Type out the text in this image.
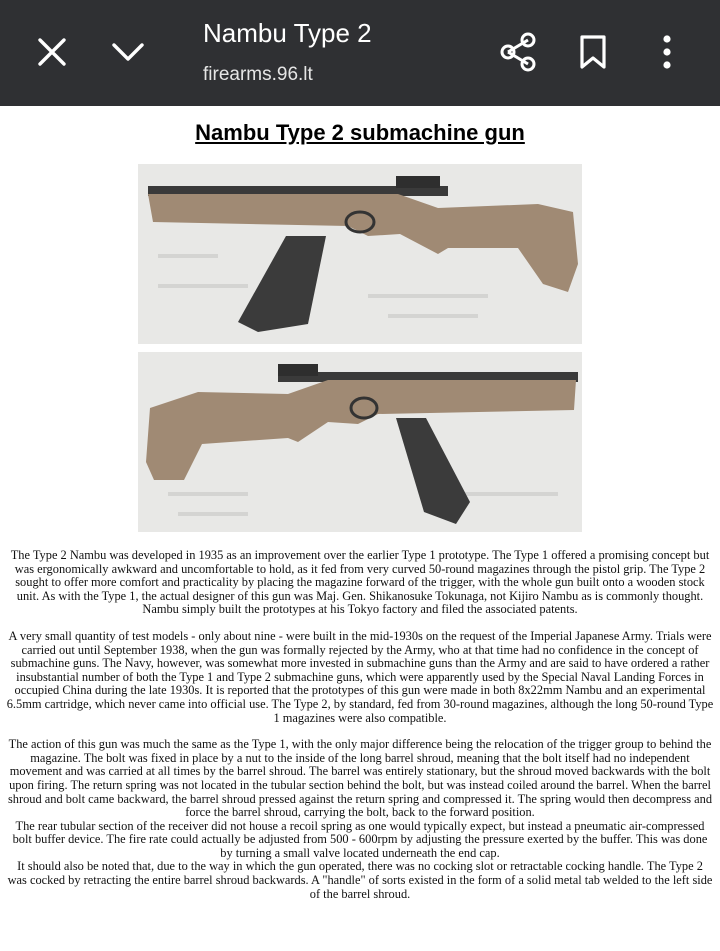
Nambu Type 2
firearms.96.lt
Nambu Type 2 submachine gun

The Type 2 Nambu was developed in 1935 as an improvement over the earlier Type 1 prototype. The Type 1 offered a promising concept but was ergonomically awkward and uncomfortable to hold, as it fed from very curved 50-round magazines through the pistol grip. The Type 2 sought to offer more comfort and practicality by placing the magazine forward of the trigger, with the whole gun built onto a wooden stock unit. As with the Type 1, the actual designer of this gun was Maj. Gen. Shikanosuke Tokunaga, not Kijiro Nambu as is commonly thought. Nambu simply built the prototypes at his Tokyo factory and filed the associated patents.

A very small quantity of test models - only about nine - were built in the mid-1930s on the request of the Imperial Japanese Army. Trials were carried out until September 1938, when the gun was formally rejected by the Army, who at that time had no confidence in the concept of submachine guns. The Navy, however, was somewhat more invested in submachine guns than the Army and are said to have ordered a rather insubstantial number of both the Type 1 and Type 2 submachine guns, which were apparently used by the Special Naval Landing Forces in occupied China during the late 1930s. It is reported that the prototypes of this gun were made in both 8x22mm Nambu and an experimental 6.5mm cartridge, which never came into official use. The Type 2, by standard, fed from 30-round magazines, although the long 50-round Type 1 magazines were also compatible.

The action of this gun was much the same as the Type 1, with the only major difference being the relocation of the trigger group to behind the magazine. The bolt was fixed in place by a nut to the inside of the long barrel shroud, meaning that the bolt itself had no independent movement and was carried at all times by the barrel shroud. The barrel was entirely stationary, but the shroud moved backwards with the bolt upon firing. The return spring was not located in the tubular section behind the bolt, but was instead coiled around the barrel. When the barrel shroud and bolt came backward, the barrel shroud pressed against the return spring and compressed it. The spring would then decompress and force the barrel shroud, carrying the bolt, back to the forward position.

The rear tubular section of the receiver did not house a recoil spring as one would typically expect, but instead a pneumatic air-compressed bolt buffer device. The fire rate could actually be adjusted from 500 - 600rpm by adjusting the pressure exerted by the buffer. This was done by turning a small valve located underneath the end cap.

It should also be noted that, due to the way in which the gun operated, there was no cocking slot or retractable cocking handle. The Type 2 was cocked by retracting the entire barrel shroud backwards. A "handle" of sorts existed in the form of a solid metal tab welded to the left side of the barrel shroud.
